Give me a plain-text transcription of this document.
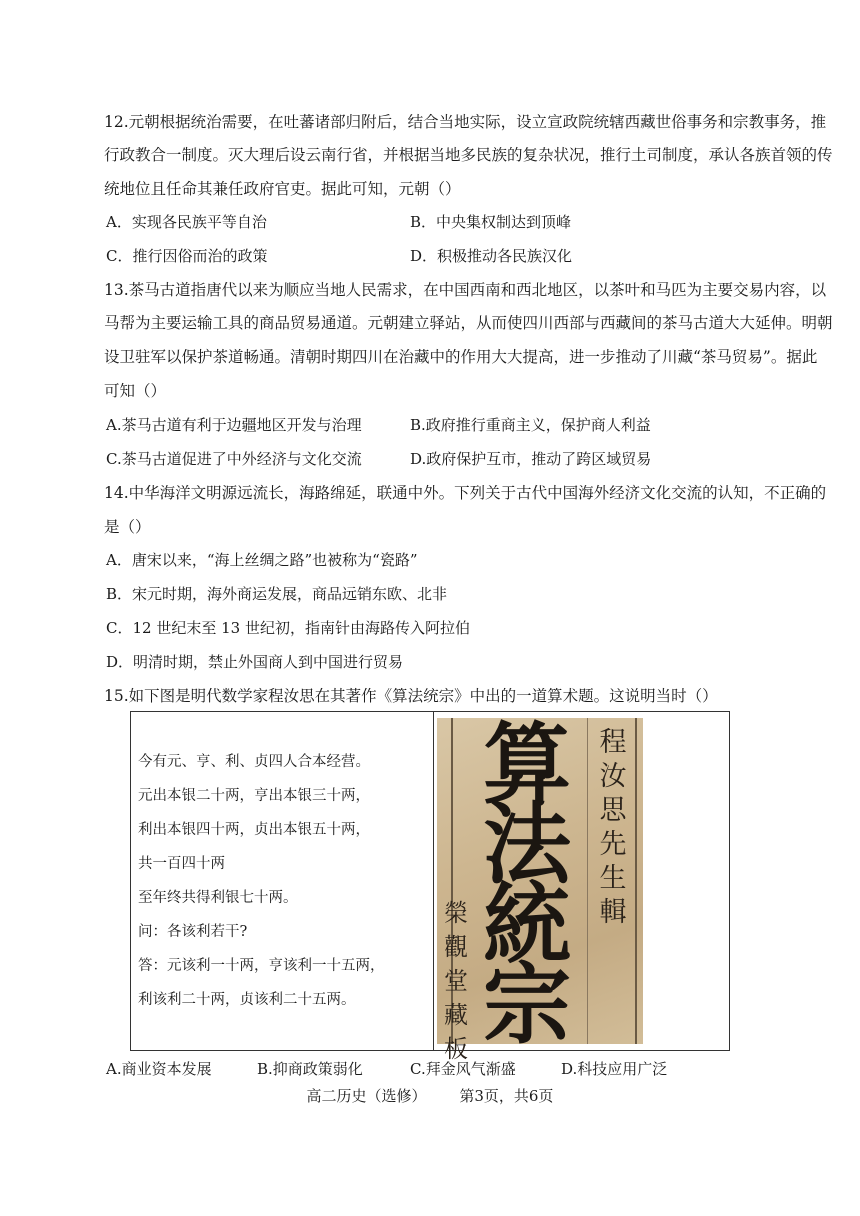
12.元朝根据统治需要，在吐蕃诸部归附后，结合当地实际，设立宣政院统辖西藏世俗事务和宗教事务，推
行政教合一制度。灭大理后设云南行省，并根据当地多民族的复杂状况，推行土司制度，承认各族首领的传
统地位且任命其兼任政府官吏。据此可知，元朝（）
A．实现各民族平等自治	B．中央集权制达到顶峰
C．推行因俗而治的政策	D．积极推动各民族汉化
13.茶马古道指唐代以来为顺应当地人民需求，在中国西南和西北地区，以茶叶和马匹为主要交易内容，以
马帮为主要运输工具的商品贸易通道。元朝建立驿站，从而使四川西部与西藏间的茶马古道大大延伸。明朝
设卫驻军以保护茶道畅通。清朝时期四川在治藏中的作用大大提高，进一步推动了川藏“茶马贸易”。据此
可知（）
A.茶马古道有利于边疆地区开发与治理	B.政府推行重商主义，保护商人利益
C.茶马古道促进了中外经济与文化交流	D.政府保护互市，推动了跨区域贸易
14.中华海洋文明源远流长，海路绵延，联通中外。下列关于古代中国海外经济文化交流的认知，不正确的
是（）
A．唐宋以来，“海上丝绸之路”也被称为“瓷路”
B．宋元时期，海外商运发展，商品远销东欧、北非
C．12 世纪末至 13 世纪初，指南针由海路传入阿拉伯
D．明清时期，禁止外国商人到中国进行贸易
15.如下图是明代数学家程汝思在其著作《算法统宗》中出的一道算术题。这说明当时（）
今有元、亨、利、贞四人合本经营。
元出本银二十两，亨出本银三十两，
利出本银四十两，贞出本银五十两，
共一百四十两
至年终共得利银七十两。
问：各该利若干?
答：元该利一十两，亨该利一十五两，
利该利二十两，贞该利二十五两。
算
法
統
宗
程
汝
思
先
生
輯
榮
觀
堂
藏
板
A.商业资本发展	B.抑商政策弱化	C.拜金风气渐盛	D.科技应用广泛
高二历史（选修） 第3页，共6页
